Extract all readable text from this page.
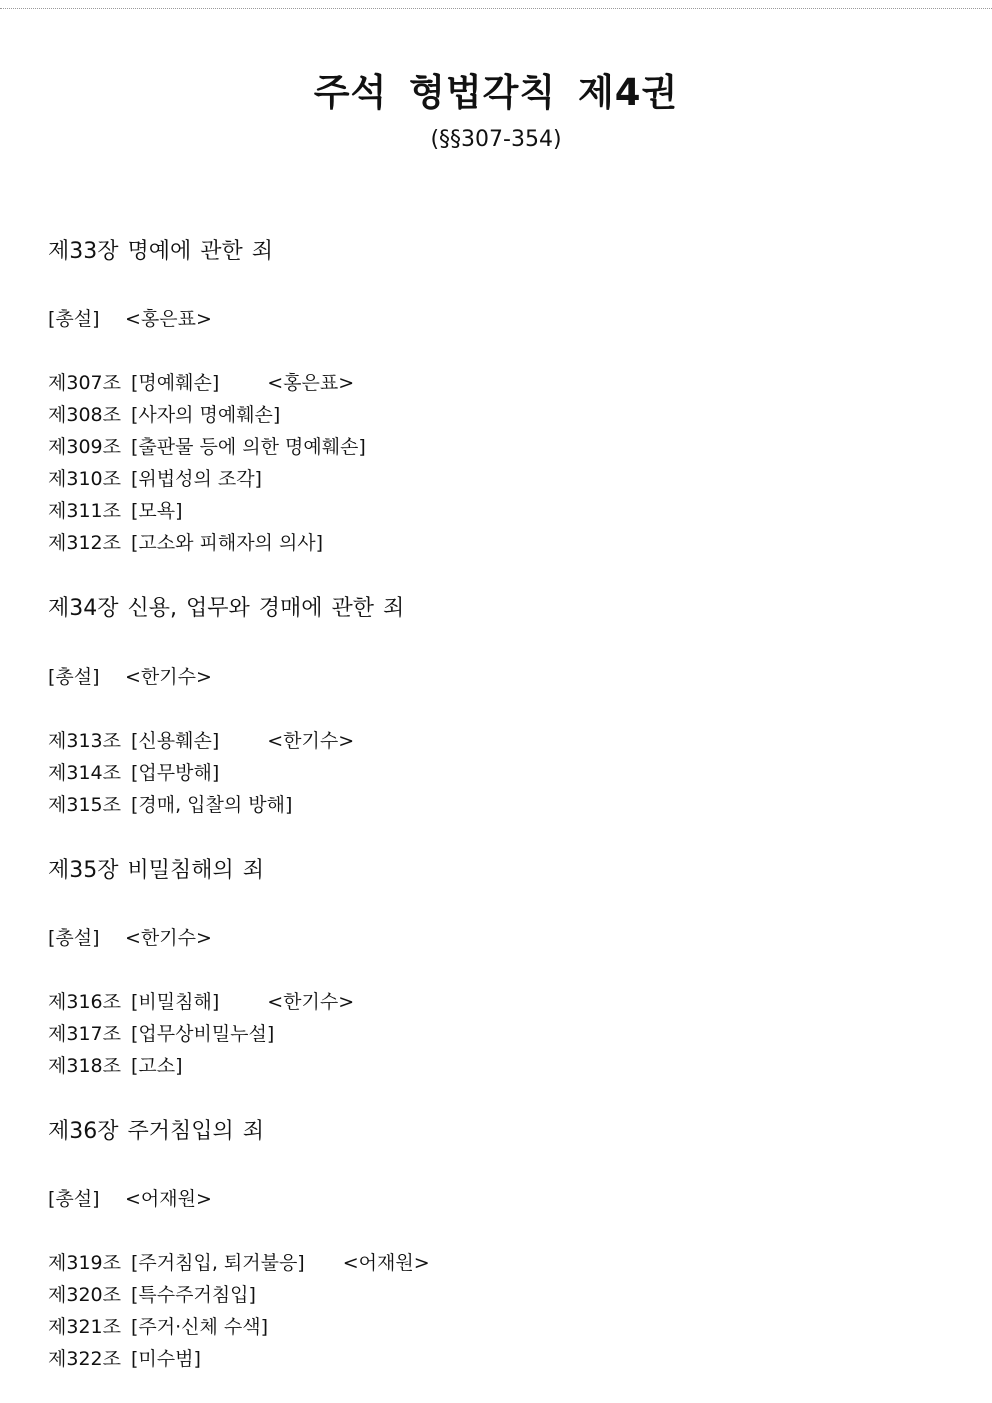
주석 형법각칙 제4권
(§§307-354)
제33장 명예에 관한 죄
[총설] <홍은표>
제307조 [명예훼손]	<홍은표>
제308조 [사자의 명예훼손]
제309조 [출판물 등에 의한 명예훼손]
제310조 [위법성의 조각]
제311조 [모욕]
제312조 [고소와 피해자의 의사]
제34장 신용, 업무와 경매에 관한 죄
[총설] <한기수>
제313조 [신용훼손]	<한기수>
제314조 [업무방해]
제315조 [경매, 입찰의 방해]
제35장 비밀침해의 죄
[총설] <한기수>
제316조 [비밀침해]	<한기수>
제317조 [업무상비밀누설]
제318조 [고소]
제36장 주거침입의 죄
[총설] <어재원>
제319조 [주거침입, 퇴거불응] <어재원>
제320조 [특수주거침입]
제321조 [주거·신체 수색]
제322조 [미수범]
